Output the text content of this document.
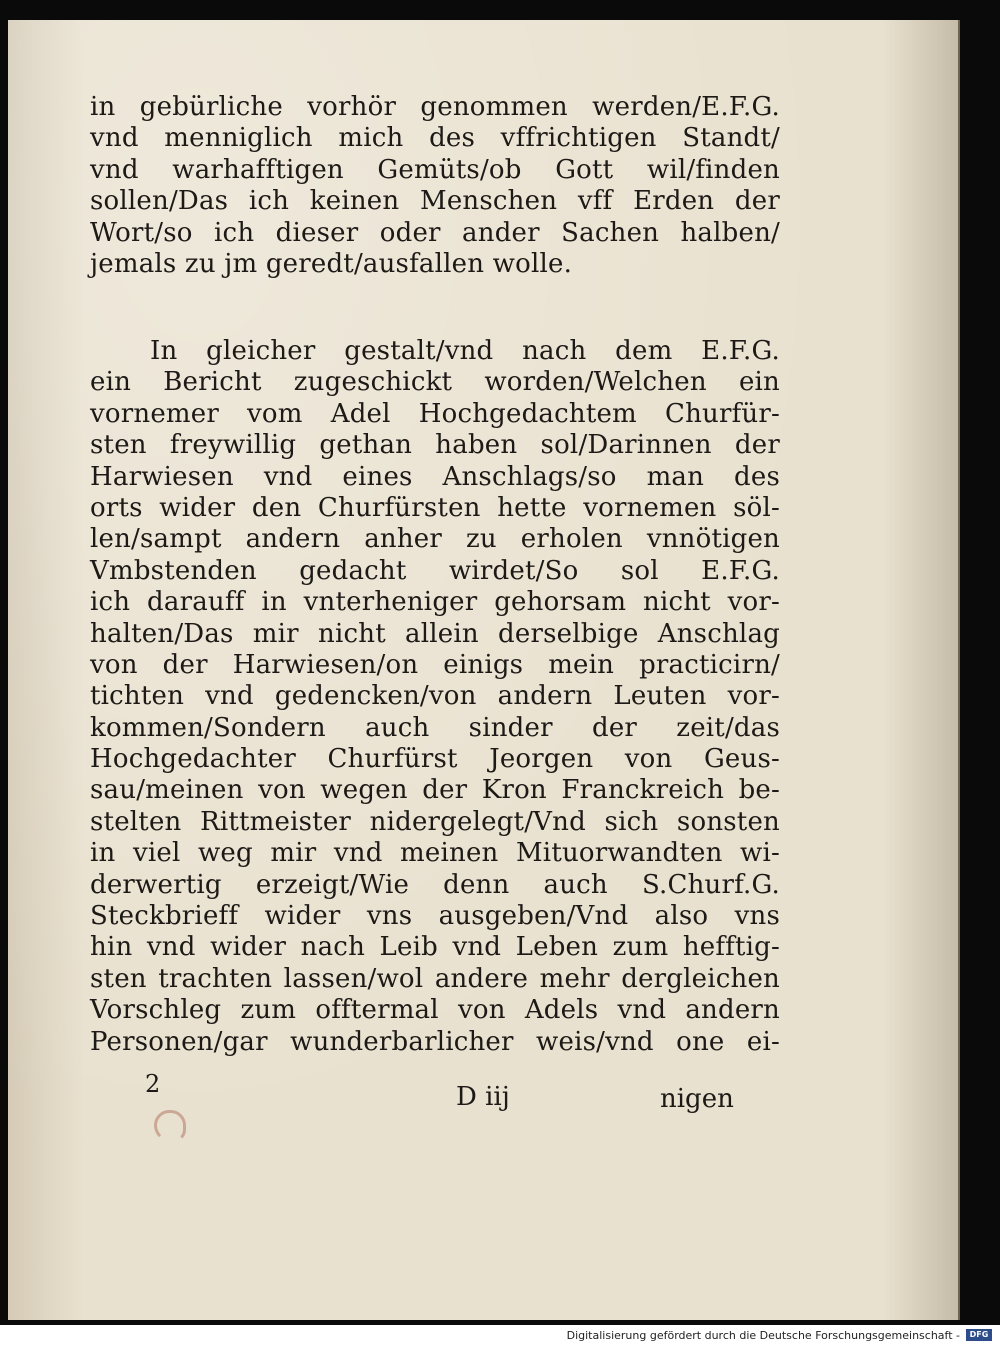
in gebürliche vorhör genommen werden/E.F.G.
vnd menniglich mich des vffrichtigen Standt/
vnd warhafftigen Gemüts/ob Gott wil/finden
sollen/Das ich keinen Menschen vff Erden der
Wort/so ich dieser oder ander Sachen halben/
jemals zu jm geredt/ausfallen wolle.
In gleicher gestalt/vnd nach dem E.F.G.
ein Bericht zugeschickt worden/Welchen ein
vornemer vom Adel Hochgedachtem Churfür-
sten freywillig gethan haben sol/Darinnen der
Harwiesen vnd eines Anschlags/so man des
orts wider den Churfürsten hette vornemen söl-
len/sampt andern anher zu erholen vnnötigen
Vmbstenden gedacht wirdet/So sol E.F.G.
ich darauff in vnterheniger gehorsam nicht vor-
halten/Das mir nicht allein derselbige Anschlag
von der Harwiesen/on einigs mein practicirn/
tichten vnd gedencken/von andern Leuten vor-
kommen/Sondern auch sinder der zeit/das
Hochgedachter Churfürst Jeorgen von Geus-
sau/meinen von wegen der Kron Franckreich be-
stelten Rittmeister nidergelegt/Vnd sich sonsten
in viel weg mir vnd meinen Mituorwandten wi-
derwertig erzeigt/Wie denn auch S.Churf.G.
Steckbrieff wider vns ausgeben/Vnd also vns
hin vnd wider nach Leib vnd Leben zum hefftig-
sten trachten lassen/wol andere mehr dergleichen
Vorschleg zum offtermal von Adels vnd andern
Personen/gar wunderbarlicher weis/vnd one ei-
2	D iij	nigen
Digitalisierung gefördert durch die Deutsche Forschungsgemeinschaft -	DFG
